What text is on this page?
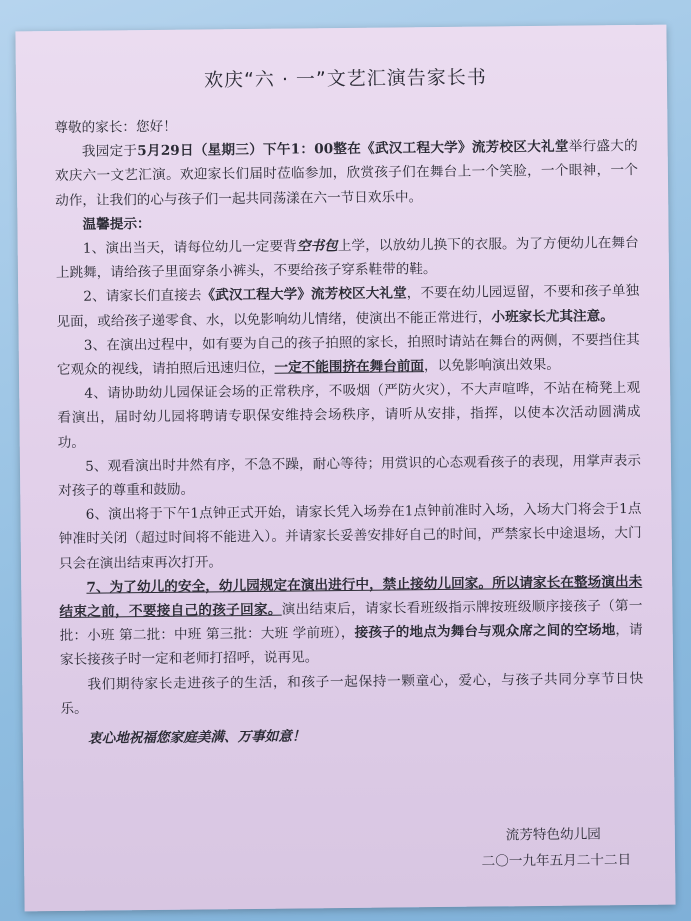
欢庆“六 · 一”文艺汇演告家长书

尊敬的家长：您好！

我园定于5月29日（星期三）下午1：00整在《武汉工程大学》流芳校区大礼堂举行盛大的欢庆六一文艺汇演。欢迎家长们届时莅临参加，欣赏孩子们在舞台上一个笑脸，一个眼神，一个动作，让我们的心与孩子们一起共同荡漾在六一节日欢乐中。

温馨提示：

1、演出当天，请每位幼儿一定要背空书包上学，以放幼儿换下的衣服。为了方便幼儿在舞台上跳舞，请给孩子里面穿条小裤头，不要给孩子穿系鞋带的鞋。

2、请家长们直接去《武汉工程大学》流芳校区大礼堂，不要在幼儿园逗留，不要和孩子单独见面，或给孩子递零食、水，以免影响幼儿情绪，使演出不能正常进行，小班家长尤其注意。

3、在演出过程中，如有要为自己的孩子拍照的家长，拍照时请站在舞台的两侧，不要挡住其它观众的视线，请拍照后迅速归位，一定不能围挤在舞台前面，以免影响演出效果。

4、请协助幼儿园保证会场的正常秩序，不吸烟（严防火灾），不大声喧哗，不站在椅凳上观看演出，届时幼儿园将聘请专职保安维持会场秩序，请听从安排，指挥，以使本次活动圆满成功。

5、观看演出时井然有序，不急不躁，耐心等待；用赏识的心态观看孩子的表现，用掌声表示对孩子的尊重和鼓励。

6、演出将于下午1点钟正式开始，请家长凭入场券在1点钟前准时入场，入场大门将会于1点钟准时关闭（超过时间将不能进入）。并请家长妥善安排好自己的时间，严禁家长中途退场，大门只会在演出结束再次打开。

7、为了幼儿的安全，幼儿园规定在演出进行中，禁止接幼儿回家。所以请家长在整场演出未结束之前，不要接自己的孩子回家。演出结束后，请家长看班级指示牌按班级顺序接孩子（第一批：小班 第二批：中班 第三批：大班 学前班），接孩子的地点为舞台与观众席之间的空场地，请家长接孩子时一定和老师打招呼，说再见。

我们期待家长走进孩子的生活，和孩子一起保持一颗童心，爱心，与孩子共同分享节日快乐。

衷心地祝福您家庭美满、万事如意！

流芳特色幼儿园
二〇一九年五月二十二日
